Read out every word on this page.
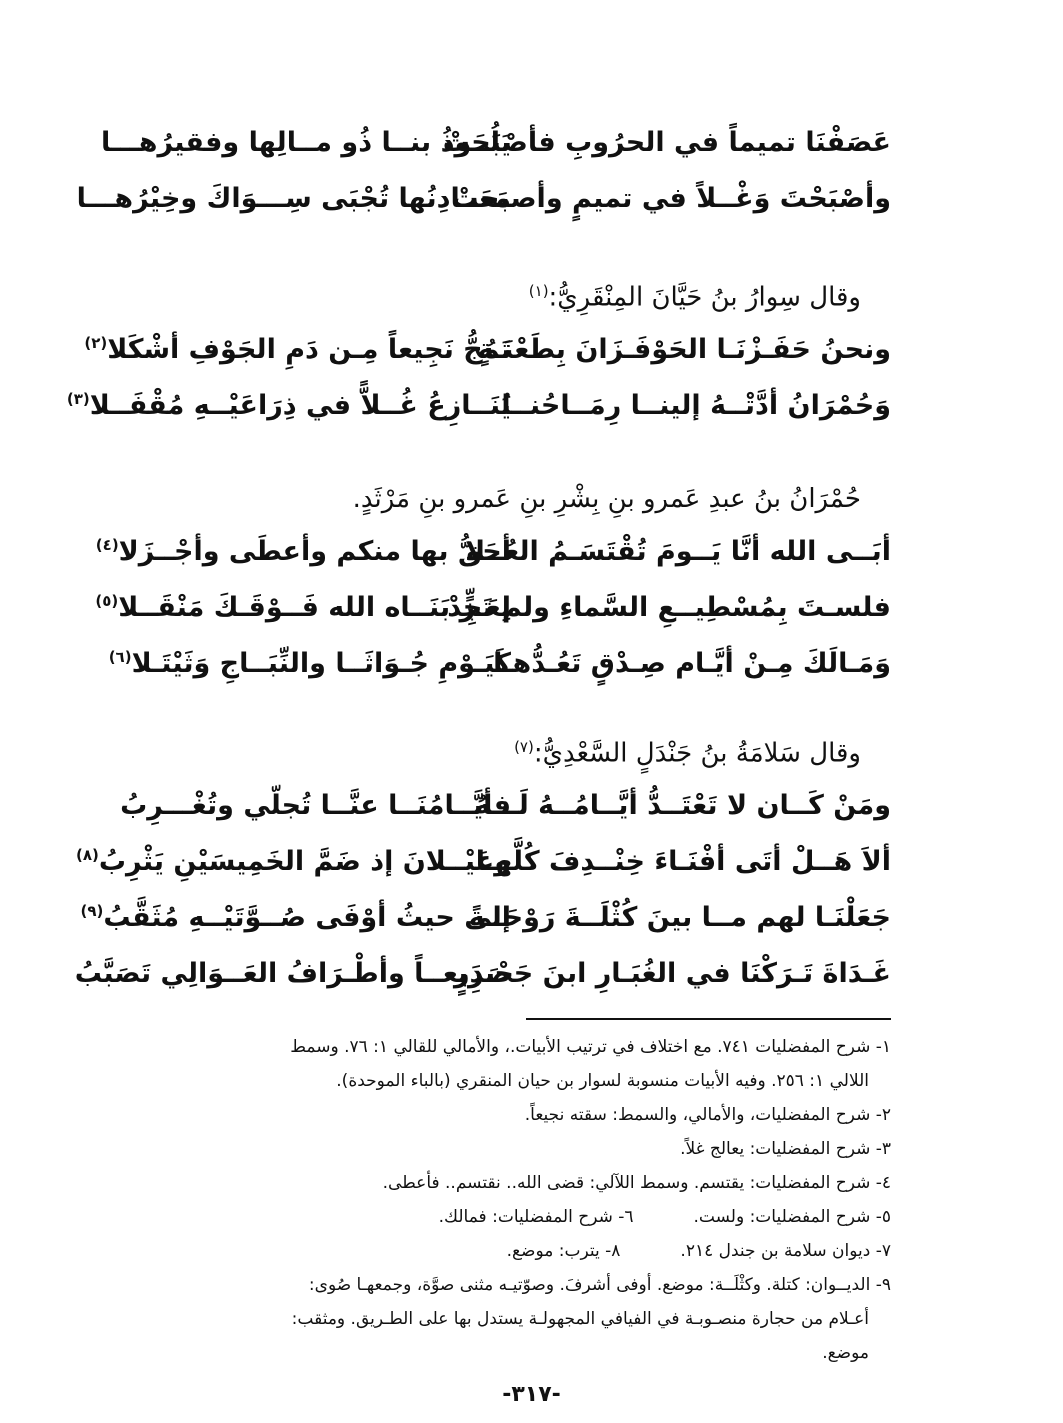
عَصَفْنَا تميماً في الحرُوبِ فأصْبَحَتْ
يَلُــوذُ بنــا ذُو مــالِها وفقيرُهـــا
وأصْبَحْتَ وَغْــلاً في تميمٍ وأصبحتْ
مَعَــادِنُها تُجْبَى سِـــوَاكَ وخِيْرُهـــا
وقال سِوارُ بنُ حَيَّانَ المِنْقَرِيُّ:$^{(١)}$
ونحنُ حَفَـزْنَـا الحَوْفَـزَانَ بِطَعْنَـةٍ
تَمُجُّ نَجِيعاً مِـن دَمِ الجَوْفِ أشْكَلا$^{(٢)}$
وَحُمْرَانُ أدَّتْــهُ إلينــا رِمَــاحُنــا
يُنَــازِعُ غُــلاًّ في ذِرَاعَيْــهِ مُقْفَــلا$^{(٣)}$
حُمْرَانُ بنُ عبدِ عَمرو بنِ بِشْرِ بنِ عَمرو بنِ مَرْثَدٍ.
أبَــى الله أنَّا يَــومَ تُقْتَسَـمُ العُــلا
أحَقُّ بها منكم وأعطَى وأجْــزَلا$^{(٤)}$
فلسـتَ بِمُسْطِيــعِ السَّماءِ ولم تَجِدْ
لِعَـزٍّ بَنَــاه الله فَــوْقَـكَ مَنْقَــلا$^{(٥)}$
وَمَـالَكَ مِـنْ أيَّـام صِـدْقٍ تَعُـدُّهـا
كَيَـوْمِ جُـوَاثَــا والنِّبَــاجِ وَثَيْتَـلا$^{(٦)}$
وقال سَلامَةُ بنُ جَنْدَلٍ السَّعْدِيُّ:$^{(٧)}$
ومَنْ كَــان لا تَعْتَــدُّ أيَّــامُــهُ لَـــهُ
فأيَّــامُنَــا عنَّــا تُجلّي وتُغْـــرِبُ
ألاَ هَــلْ أتَى أفْنَـاءَ خِنْــدِفَ كُلَّهـا
وعَيْــلانَ إذ ضَمَّ الخَمِيسَيْنِ يَثْرِبُ$^{(٨)}$
جَعَلْنَـا لهم مــا بينَ كُثْلَــةَ رَوْحَــةً
إلى حيثُ أوْفَى صُــوَّتَيْــهِ مُثَقَّبُ$^{(٩)}$
غَـدَاةَ تَـرَكْنَا في الغُبَـارِ ابنَ جَحْـدَرٍ
صَرِيعــاً وأطْـرَافُ العَــوَالِي تَصَبَّبُ
١- شرح المفضليات ٧٤١. مع اختلاف في ترتيب الأبيات.، والأمالي للقالي ١: ٧٦. وسمط
اللالي ١: ٢٥٦. وفيه الأبيات منسوبة لسوار بن حيان المنقري (بالباء الموحدة).
٢- شرح المفضليات، والأمالي، والسمط: سقته نجيعاً.
٣- شرح المفضليات: يعالج غلاً.
٤- شرح المفضليات: يقتسم. وسمط اللآلي: قضى الله.. نقتسم.. فأعطى.
٥- شرح المفضليات: ولست.
٦- شرح المفضليات: فمالك.
٧- ديوان سلامة بن جندل ٢١٤.
٨- يترب: موضع.
٩- الديــوان: كتلة. وكثْلَــة: موضع. أوفى أشرفَ. وصوّتيـه مثنى صوَّة، وجمعهـا صُوى:
أعـلام من حجارة منصـوبـة في الفيافي المجهولـة يستدل بها على الطـريق. ومثقب:
موضع.
-٣١٧-
